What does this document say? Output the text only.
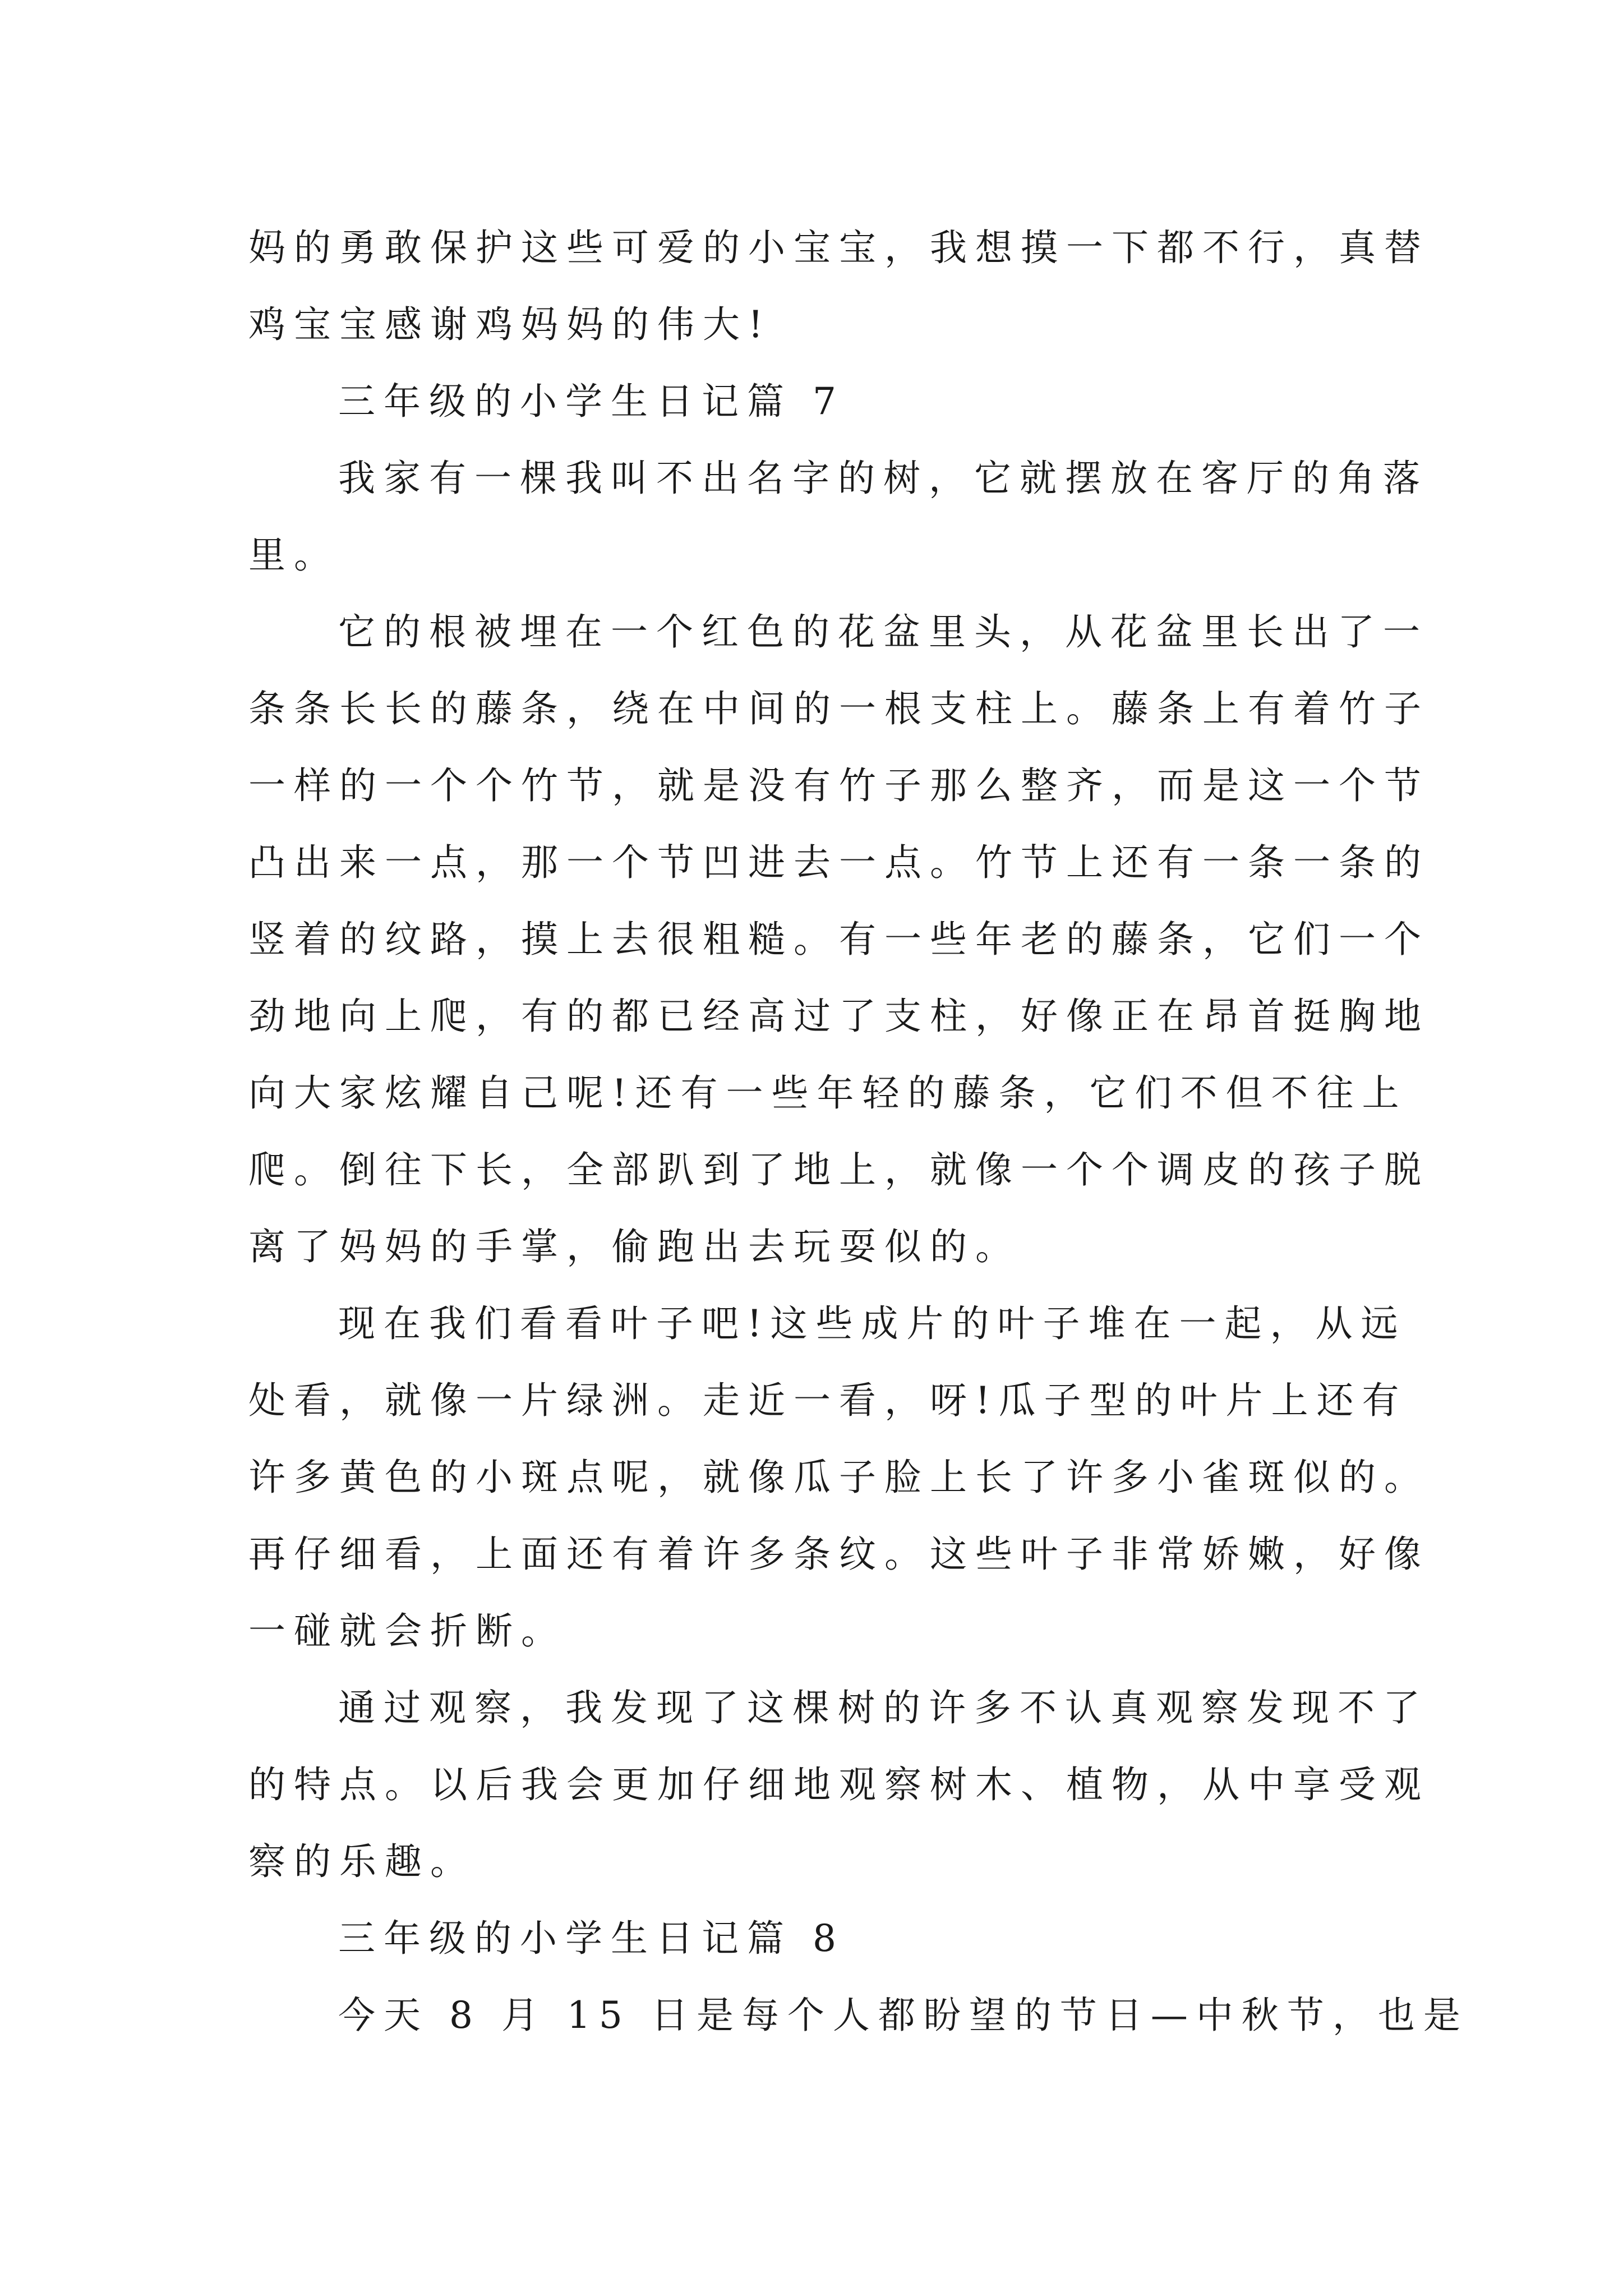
妈的勇敢保护这些可爱的小宝宝，我想摸一下都不行，真替
鸡宝宝感谢鸡妈妈的伟大!
三年级的小学生日记篇 7
我家有一棵我叫不出名字的树，它就摆放在客厅的角落
里。
它的根被埋在一个红色的花盆里头，从花盆里长出了一
条条长长的藤条，绕在中间的一根支柱上。藤条上有着竹子
一样的一个个竹节，就是没有竹子那么整齐，而是这一个节
凸出来一点，那一个节凹进去一点。竹节上还有一条一条的
竖着的纹路，摸上去很粗糙。有一些年老的藤条，它们一个
劲地向上爬，有的都已经高过了支柱，好像正在昂首挺胸地
向大家炫耀自己呢!还有一些年轻的藤条，它们不但不往上
爬。倒往下长，全部趴到了地上，就像一个个调皮的孩子脱
离了妈妈的手掌，偷跑出去玩耍似的。
现在我们看看叶子吧!这些成片的叶子堆在一起，从远
处看，就像一片绿洲。走近一看，呀!瓜子型的叶片上还有
许多黄色的小斑点呢，就像瓜子脸上长了许多小雀斑似的。
再仔细看，上面还有着许多条纹。这些叶子非常娇嫩，好像
一碰就会折断。
通过观察，我发现了这棵树的许多不认真观察发现不了
的特点。以后我会更加仔细地观察树木、植物，从中享受观
察的乐趣。
三年级的小学生日记篇 8
今天 8 月 15 日是每个人都盼望的节日—中秋节，也是
